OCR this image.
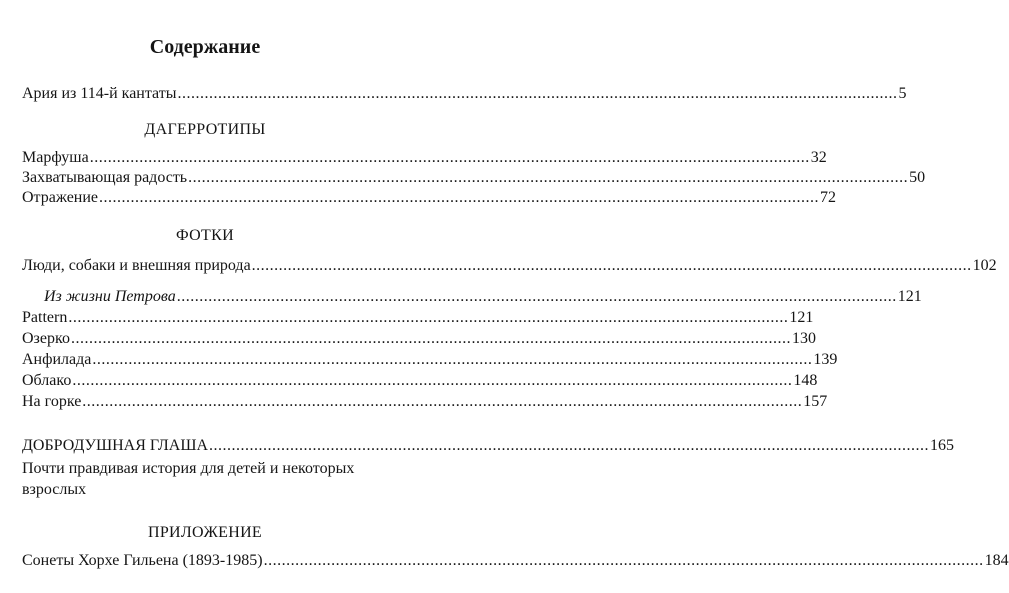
Содержание
Ария из 114-й кантаты ................................................................................................................................................................ 5
ДАГЕРРОТИПЫ
Марфуша ................................................................................................................................................................ 32
Захватывающая радость ................................................................................................................................................................ 50
Отражение ................................................................................................................................................................ 72
ФОТКИ
Люди, собаки и внешняя природа ................................................................................................................................................................ 102
Из жизни Петрова ................................................................................................................................................................ 121
Pattern ................................................................................................................................................................ 121
Озерко ................................................................................................................................................................ 130
Анфилада ................................................................................................................................................................ 139
Облако ................................................................................................................................................................ 148
На горке ................................................................................................................................................................ 157
ДОБРОДУШНАЯ ГЛАША ................................................................................................................................................................ 165
Почти правдивая история для детей и некоторых взрослых
ПРИЛОЖЕНИЕ
Сонеты Хорхе Гильена (1893-1985) ................................................................................................................................................................ 184
